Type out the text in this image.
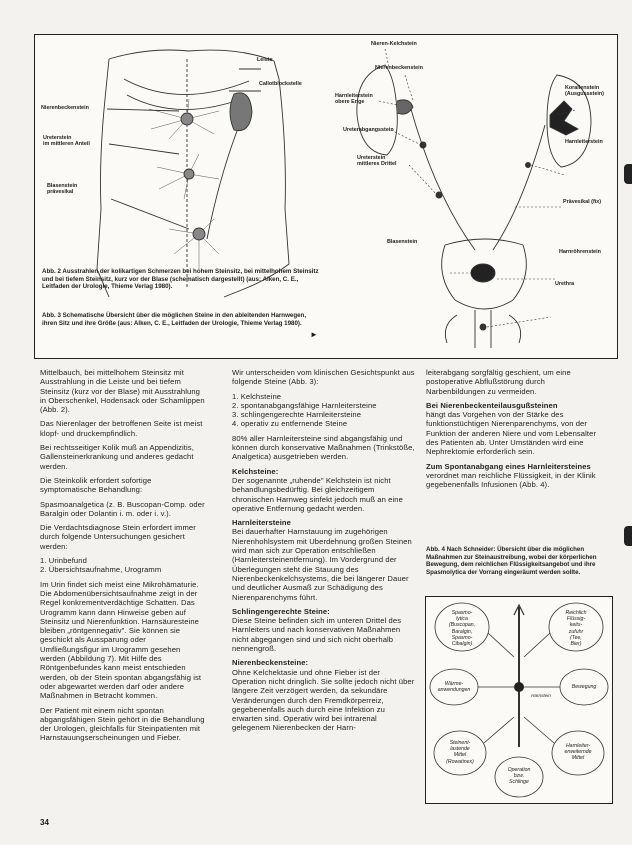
Leiste
Callotblockstelle
Nierenbeckenstein
Ureterstein
im mittleren Anteil
Blasenstein
prävesikal
Nieren-Kelchstein
Nierenbeckenstein
Harnleiterstein
obere Enge
Ureterabgangsstein
Ureterstein
mittleres Drittel
Korallenstein
(Ausgussstein)
Harnleiterstein
Prävesikal (fix)
Blasenstein
Harnröhrenstein
Urethra
Abb. 2 Ausstrahlen der kolikartigen Schmerzen bei hohem Steinsitz, bei mittelhohem Steinsitz und bei tiefem Steinsitz, kurz vor der Blase (schematisch dargestellt) (aus: Alken, C. E., Leitfaden der Urologie, Thieme Verlag 1980).
Abb. 3 Schematische Übersicht über die möglichen Steine in den ableitenden Harnwegen, ihren Sitz und ihre Größe (aus: Alken, C. E., Leitfaden der Urologie, Thieme Verlag 1980).
►

Mittelbauch, bei mittelhohem Steinsitz mit Ausstrahlung in die Leiste und bei tiefem Steinsitz (kurz vor der Blase) mit Ausstrahlung in Oberschenkel, Hodensack oder Schamlippen (Abb. 2).

Das Nierenlager der betroffenen Seite ist meist klopf- und druckempfindlich.

Bei rechtsseitiger Kolik muß an Appendizitis, Gallensteinerkrankung und anderes gedacht werden.

Die Steinkolik erfordert sofortige symptomatische Behandlung:

Spasmoanalgetica (z. B. Buscopan-Comp. oder Baralgin oder Dolantin i. m. oder i. v.).

Die Verdachtsdiagnose Stein erfordert immer durch folgende Untersuchungen gesichert werden:

1. Urinbefund
2. Übersichtsaufnahme, Urogramm

Im Urin findet sich meist eine Mikrohämaturie. Die Abdomenübersichtsaufnahme zeigt in der Regel konkrementverdächtige Schatten. Das Urogramm kann dann Hinweise geben auf Steinsitz und Nierenfunktion. Harnsäuresteine bleiben „röntgennegativ". Sie können sie geschickt als Aussparung oder Umfließungsfigur im Urogramm gesehen werden (Abbildung 7). Mit Hilfe des Röntgenbefundes kann meist entschieden werden, ob der Stein spontan abgangsfähig ist oder abgewartet werden darf oder andere Maßnahmen in Betracht kommen.

Der Patient mit einem nicht spontan abgangsfähigen Stein gehört in die Behandlung der Urologen, gleichfalls für Steinpatienten mit Harnstauungserscheinungen und Fieber.

Wir unterscheiden vom klinischen Gesichtspunkt aus folgende Steine (Abb. 3):

1. Kelchsteine
2. spontanabgangsfähige Harnleitersteine
3. schlingengerechte Harnleitersteine
4. operativ zu entfernende Steine

80% aller Harnleitersteine sind abgangsfähig und können durch konservative Maßnahmen (Trinkstöße, Analgetica) ausgetrieben werden.

Kelchsteine:

Der sogenannte „ruhende" Kelchstein ist nicht behandlungsbedürftig. Bei gleichzeitigem chronischen Harnweg sinfekt jedoch muß an eine operative Entfernung gedacht werden.

Harnleitersteine

Bei dauerhafter Harnstauung im zugehörigen Nierenhohlsystem mit Uberdehnung großen Steinen wird man sich zur Operation entschließen (Harnleitersteinentfernung). Im Vordergrund der Überlegungen steht die Stauung des Nierenbeckenkelchsystems, die bei längerer Dauer und deutlicher Ausmaß zur Schädigung des Nierenparenchyms führt.

Schlingengerechte Steine:

Diese Steine befinden sich im unteren Drittel des Harnleiters und nach konservativen Maßnahmen nicht abgegangen sind und sich nicht oberhalb nennengroß.

Nierenbeckensteine:

Ohne Kelchektasie und ohne Fieber ist der Operation nicht dringlich. Sie sollte jedoch nicht über längere Zeit verzögert werden, da sekundäre Veränderungen durch den Fremdkörperreiz, gegebenenfalls auch durch eine Infektion zu erwarten sind. Operativ wird bei intrarenal gelegenem Nierenbecken der Harn-

leiterabgang sorgfältig geschient, um eine postoperative Abflußstörung durch Narbenbildungen zu vermeiden.

Bei Nierenbeckenteilausgußsteinen

hängt das Vorgehen von der Stärke des funktionstüchtigen Nierenparenchyms, von der Funktion der anderen Niere und vom Lebensalter des Patienten ab. Unter Umständen wird eine Nephrektomie erforderlich sein.

Zum Spontanabgang eines Harnleitersteines

verordnet man reichliche Flüssigkeit, in der Klinik gegebenenfalls Infusionen (Abb. 4).

Abb. 4 Nach Schneider: Übersicht über die möglichen Maßnahmen zur Steinaustreibung, wobei der körperlichen Bewegung, dem reichlichen Flüssigkeitsangebot und ihre Spasmolytica der Vorrang eingeräumt werden sollte.
Spasmo-
lytica
(Buscopan,
Baralgin,
Spasmo-
Cibalgin)
Reichlich
Flüssig-
keits-
zufuhr
(Tee,
Bier)
Wärme-
anwendungen
Bewegung
Steinent-
lastende
Mittel
(Rowatinex)
Harnleiter-
erweiternde
Mittel
Operation
bzw.
Schlinge
Harnstein
34
